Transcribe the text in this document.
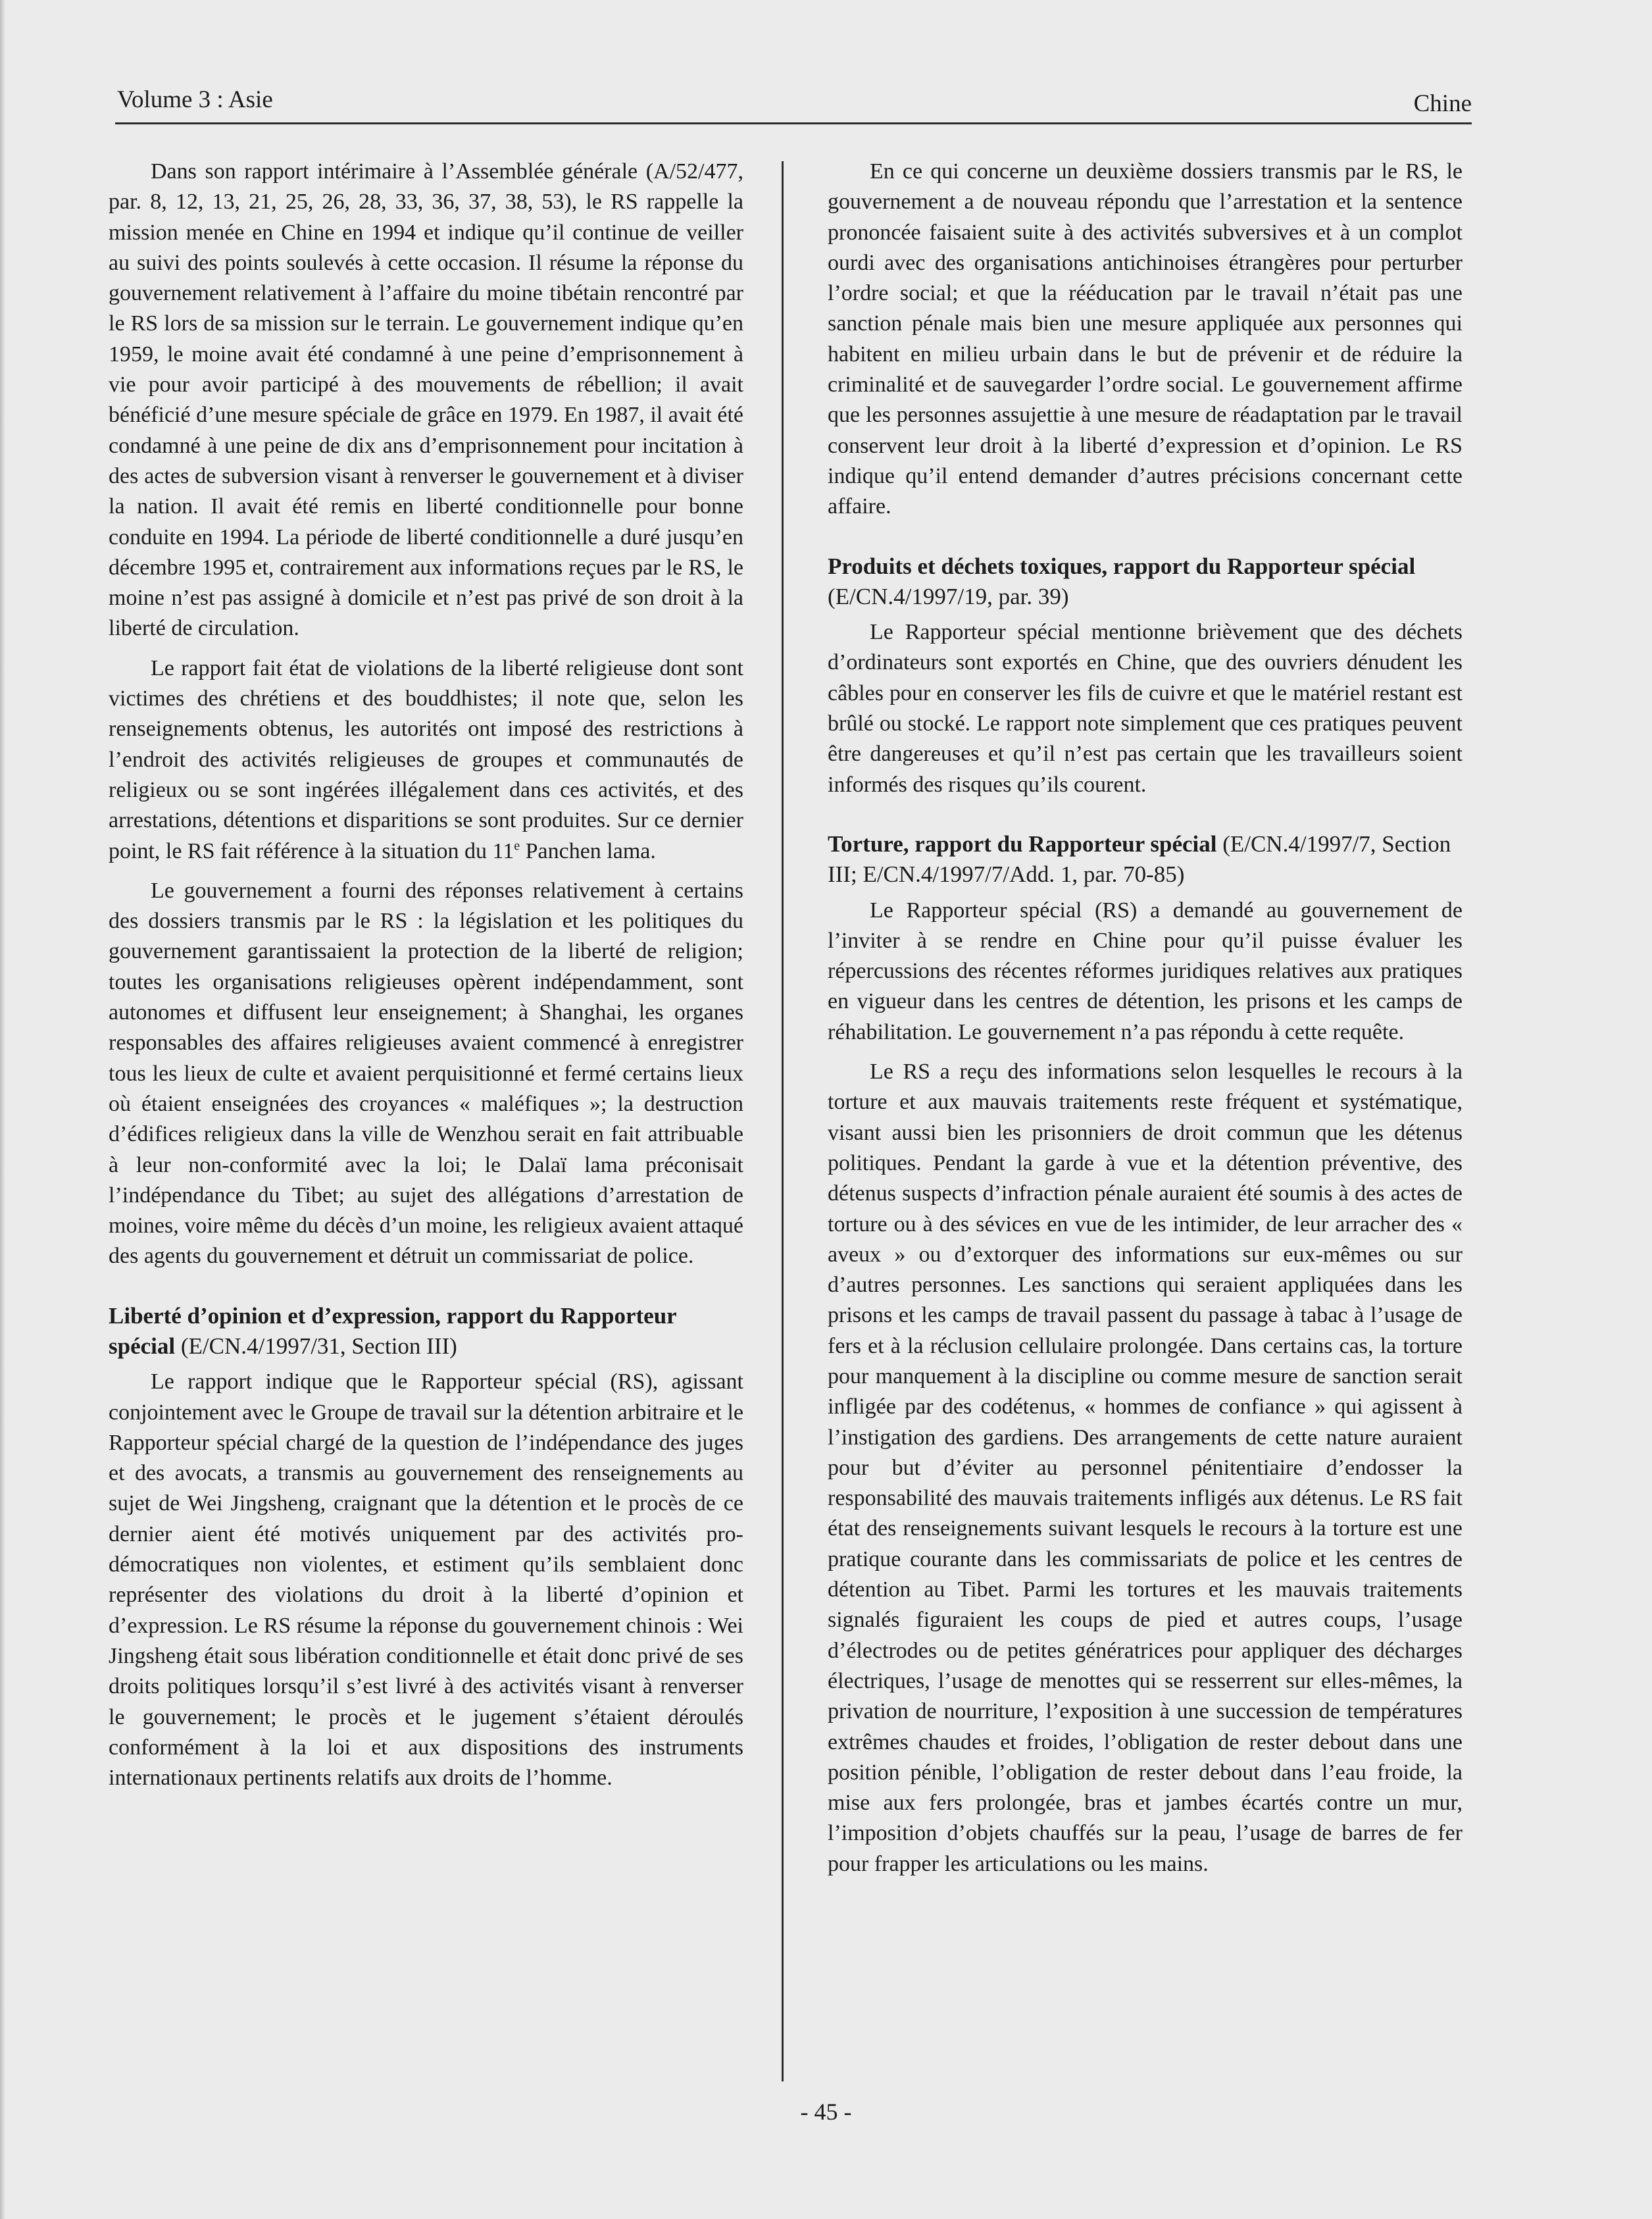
Volume 3 : Asie	Chine

Dans son rapport intérimaire à l’Assemblée générale (A/52/477, par. 8, 12, 13, 21, 25, 26, 28, 33, 36, 37, 38, 53), le RS rappelle la mission menée en Chine en 1994 et indique qu’il continue de veiller au suivi des points soulevés à cette occasion. Il résume la réponse du gouvernement relativement à l’affaire du moine tibétain rencontré par le RS lors de sa mission sur le terrain. Le gouvernement indique qu’en 1959, le moine avait été condamné à une peine d’emprisonnement à vie pour avoir participé à des mouvements de rébellion; il avait bénéficié d’une mesure spéciale de grâce en 1979. En 1987, il avait été condamné à une peine de dix ans d’emprisonnement pour incitation à des actes de subversion visant à renverser le gouvernement et à diviser la nation. Il avait été remis en liberté conditionnelle pour bonne conduite en 1994. La période de liberté conditionnelle a duré jusqu’en décembre 1995 et, contrairement aux informations reçues par le RS, le moine n’est pas assigné à domicile et n’est pas privé de son droit à la liberté de circulation.

Le rapport fait état de violations de la liberté religieuse dont sont victimes des chrétiens et des bouddhistes; il note que, selon les renseignements obtenus, les autorités ont imposé des restrictions à l’endroit des activités religieuses de groupes et communautés de religieux ou se sont ingérées illégalement dans ces activités, et des arrestations, détentions et disparitions se sont produites. Sur ce dernier point, le RS fait référence à la situation du 11e Panchen lama.

Le gouvernement a fourni des réponses relativement à certains des dossiers transmis par le RS : la législation et les politiques du gouvernement garantissaient la protection de la liberté de religion; toutes les organisations religieuses opèrent indépendamment, sont autonomes et diffusent leur enseignement; à Shanghai, les organes responsables des affaires religieuses avaient commencé à enregistrer tous les lieux de culte et avaient perquisitionné et fermé certains lieux où étaient enseignées des croyances « maléfiques »; la destruction d’édifices religieux dans la ville de Wenzhou serait en fait attribuable à leur non-conformité avec la loi; le Dalaï lama préconisait l’indépendance du Tibet; au sujet des allégations d’arrestation de moines, voire même du décès d’un moine, les religieux avaient attaqué des agents du gouvernement et détruit un commissariat de police.

Liberté d’opinion et d’expression, rapport du Rapporteur spécial (E/CN.4/1997/31, Section III)

Le rapport indique que le Rapporteur spécial (RS), agissant conjointement avec le Groupe de travail sur la détention arbitraire et le Rapporteur spécial chargé de la question de l’indépendance des juges et des avocats, a transmis au gouvernement des renseignements au sujet de Wei Jingsheng, craignant que la détention et le procès de ce dernier aient été motivés uniquement par des activités pro-démocratiques non violentes, et estiment qu’ils semblaient donc représenter des violations du droit à la liberté d’opinion et d’expression. Le RS résume la réponse du gouvernement chinois : Wei Jingsheng était sous libération conditionnelle et était donc privé de ses droits politiques lorsqu’il s’est livré à des activités visant à renverser le gouvernement; le procès et le jugement s’étaient déroulés conformément à la loi et aux dispositions des instruments internationaux pertinents relatifs aux droits de l’homme.

En ce qui concerne un deuxième dossiers transmis par le RS, le gouvernement a de nouveau répondu que l’arrestation et la sentence prononcée faisaient suite à des activités subversives et à un complot ourdi avec des organisations antichinoises étrangères pour perturber l’ordre social; et que la rééducation par le travail n’était pas une sanction pénale mais bien une mesure appliquée aux personnes qui habitent en milieu urbain dans le but de prévenir et de réduire la criminalité et de sauvegarder l’ordre social. Le gouvernement affirme que les personnes assujettie à une mesure de réadaptation par le travail conservent leur droit à la liberté d’expression et d’opinion. Le RS indique qu’il entend demander d’autres précisions concernant cette affaire.

Produits et déchets toxiques, rapport du Rapporteur spécial (E/CN.4/1997/19, par. 39)

Le Rapporteur spécial mentionne brièvement que des déchets d’ordinateurs sont exportés en Chine, que des ouvriers dénudent les câbles pour en conserver les fils de cuivre et que le matériel restant est brûlé ou stocké. Le rapport note simplement que ces pratiques peuvent être dangereuses et qu’il n’est pas certain que les travailleurs soient informés des risques qu’ils courent.

Torture, rapport du Rapporteur spécial (E/CN.4/1997/7, Section III; E/CN.4/1997/7/Add. 1, par. 70-85)

Le Rapporteur spécial (RS) a demandé au gouvernement de l’inviter à se rendre en Chine pour qu’il puisse évaluer les répercussions des récentes réformes juridiques relatives aux pratiques en vigueur dans les centres de détention, les prisons et les camps de réhabilitation. Le gouvernement n’a pas répondu à cette requête.

Le RS a reçu des informations selon lesquelles le recours à la torture et aux mauvais traitements reste fréquent et systématique, visant aussi bien les prisonniers de droit commun que les détenus politiques. Pendant la garde à vue et la détention préventive, des détenus suspects d’infraction pénale auraient été soumis à des actes de torture ou à des sévices en vue de les intimider, de leur arracher des « aveux » ou d’extorquer des informations sur eux-mêmes ou sur d’autres personnes. Les sanctions qui seraient appliquées dans les prisons et les camps de travail passent du passage à tabac à l’usage de fers et à la réclusion cellulaire prolongée. Dans certains cas, la torture pour manquement à la discipline ou comme mesure de sanction serait infligée par des codétenus, « hommes de confiance » qui agissent à l’instigation des gardiens. Des arrangements de cette nature auraient pour but d’éviter au personnel pénitentiaire d’endosser la responsabilité des mauvais traitements infligés aux détenus. Le RS fait état des renseignements suivant lesquels le recours à la torture est une pratique courante dans les commissariats de police et les centres de détention au Tibet. Parmi les tortures et les mauvais traitements signalés figuraient les coups de pied et autres coups, l’usage d’électrodes ou de petites génératrices pour appliquer des décharges électriques, l’usage de menottes qui se resserrent sur elles-mêmes, la privation de nourriture, l’exposition à une succession de températures extrêmes chaudes et froides, l’obligation de rester debout dans une position pénible, l’obligation de rester debout dans l’eau froide, la mise aux fers prolongée, bras et jambes écartés contre un mur, l’imposition d’objets chauffés sur la peau, l’usage de barres de fer pour frapper les articulations ou les mains.

- 45 -
